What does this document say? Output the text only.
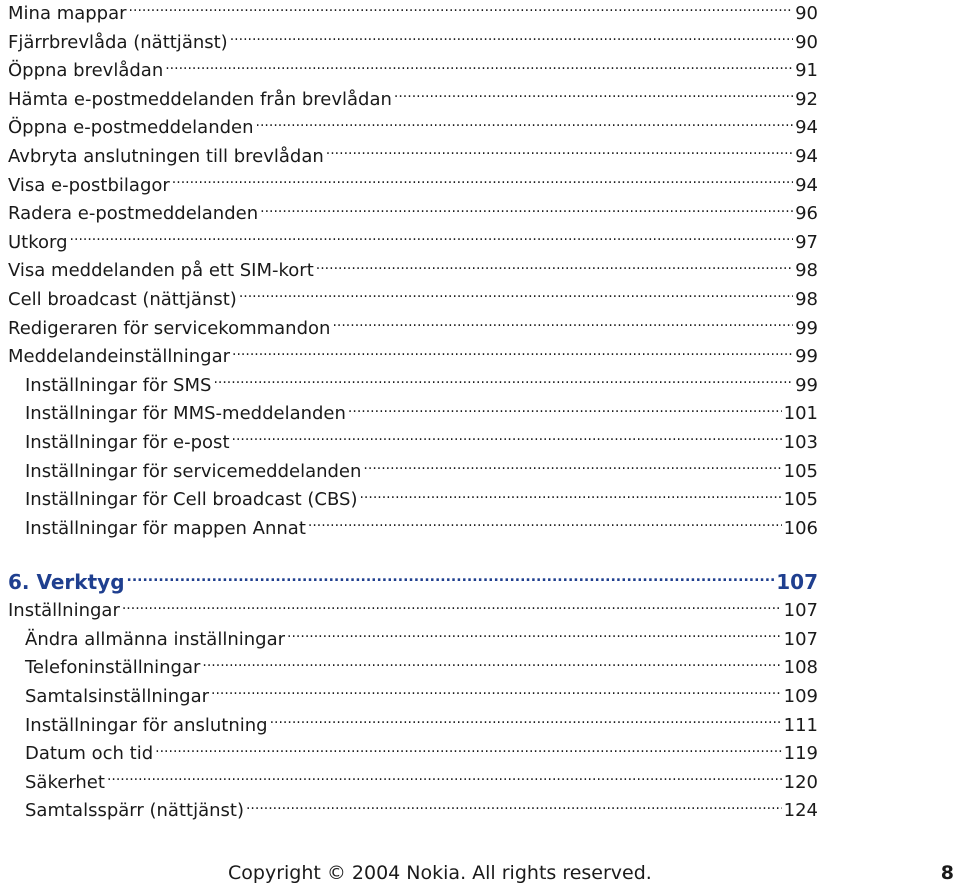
Mina mappar .....	90
Fjärrbrevlåda (nättjänst) .....	90
Öppna brevlådan .....	91
Hämta e-postmeddelanden från brevlådan .....	92
Öppna e-postmeddelanden .....	94
Avbryta anslutningen till brevlådan .....	94
Visa e-postbilagor .....	94
Radera e-postmeddelanden .....	96
Utkorg .....	97
Visa meddelanden på ett SIM-kort .....	98
Cell broadcast (nättjänst) .....	98
Redigeraren för servicekommandon .....	99
Meddelandeinställningar .....	99
Inställningar för SMS .....	99
Inställningar för MMS-meddelanden .....	101
Inställningar för e-post .....	103
Inställningar för servicemeddelanden .....	105
Inställningar för Cell broadcast (CBS) .....	105
Inställningar för mappen Annat .....	106
6. Verktyg .....	107
Inställningar .....	107
Ändra allmänna inställningar .....	107
Telefoninställningar .....	108
Samtalsinställningar .....	109
Inställningar för anslutning .....	111
Datum och tid .....	119
Säkerhet .....	120
Samtalsspärr (nättjänst) .....	124
Copyright © 2004 Nokia. All rights reserved.	8
